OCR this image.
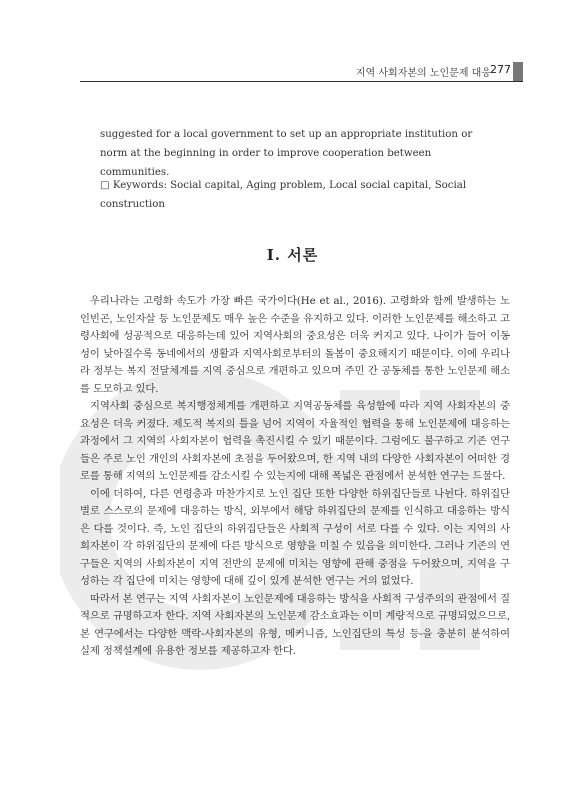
지역 사회자본의 노인문제 대응 277
suggested for a local government to set up an appropriate institution or norm at the beginning in order to improve cooperation between communities.
□ Keywords: Social capital, Aging problem, Local social capital, Social construction
Ⅰ. 서론

우리나라는 고령화 속도가 가장 빠른 국가이다(He et al., 2016). 고령화와 함께 발생하는 노인빈곤, 노인자살 등 노인문제도 매우 높은 수준을 유지하고 있다. 이러한 노인문제를 해소하고 고령사회에 성공적으로 대응하는데 있어 지역사회의 중요성은 더욱 커지고 있다. 나이가 들어 이동성이 낮아질수록 동네에서의 생활과 지역사회로부터의 돌봄이 중요해지기 때문이다. 이에 우리나라 정부는 복지 전달체계를 지역 중심으로 개편하고 있으며 주민 간 공동체를 통한 노인문제 해소를 도모하고 있다.

지역사회 중심으로 복지행정체계를 개편하고 지역공동체를 육성함에 따라 지역 사회자본의 중요성은 더욱 커졌다. 제도적 복지의 틀을 넘어 지역이 자율적인 협력을 통해 노인문제에 대응하는 과정에서 그 지역의 사회자본이 협력을 촉진시킬 수 있기 때문이다. 그럼에도 불구하고 기존 연구들은 주로 노인 개인의 사회자본에 초점을 두어왔으며, 한 지역 내의 다양한 사회자본이 어떠한 경로를 통해 지역의 노인문제를 감소시킬 수 있는지에 대해 폭넓은 관점에서 분석한 연구는 드물다.

이에 더하여, 다른 연령층과 마찬가지로 노인 집단 또한 다양한 하위집단들로 나뉜다. 하위집단별로 스스로의 문제에 대응하는 방식, 외부에서 해당 하위집단의 문제를 인식하고 대응하는 방식은 다를 것이다. 즉, 노인 집단의 하위집단들은 사회적 구성이 서로 다를 수 있다. 이는 지역의 사회자본이 각 하위집단의 문제에 다른 방식으로 영향을 미칠 수 있음을 의미한다. 그러나 기존의 연구들은 지역의 사회자본이 지역 전반의 문제에 미치는 영향에 관해 중점을 두어왔으며, 지역을 구성하는 각 집단에 미치는 영향에 대해 깊이 있게 분석한 연구는 거의 없었다.

따라서 본 연구는 지역 사회자본이 노인문제에 대응하는 방식을 사회적 구성주의의 관점에서 질적으로 규명하고자 한다. 지역 사회자본의 노인문제 감소효과는 이미 계량적으로 규명되었으므로, 본 연구에서는 다양한 맥락-사회자본의 유형, 메커니즘, 노인집단의 특성 등-을 충분히 분석하여 실제 정책설계에 유용한 정보를 제공하고자 한다.
